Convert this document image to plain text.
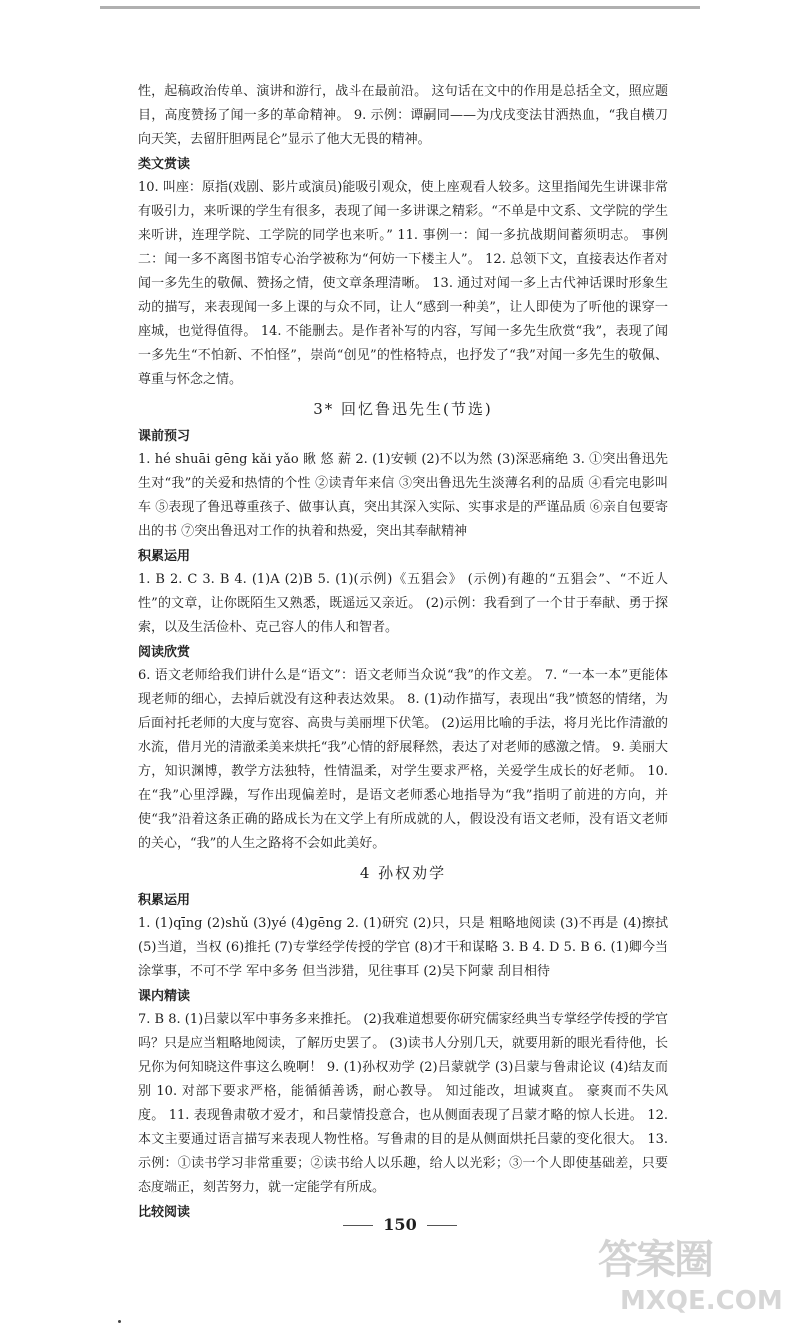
性，起稿政治传单、演讲和游行，战斗在最前沿。 这句话在文中的作用是总括全文，照应题目，高度赞扬了闻一多的革命精神。 9. 示例：谭嗣同——为戊戌变法甘洒热血，“我自横刀向天笑，去留肝胆两昆仑”显示了他大无畏的精神。

类文赏读

10. 叫座：原指(戏剧、影片或演员)能吸引观众，使上座观看人较多。这里指闻先生讲课非常有吸引力，来听课的学生有很多，表现了闻一多讲课之精彩。“不单是中文系、文学院的学生来听讲，连理学院、工学院的同学也来听。” 11. 事例一：闻一多抗战期间蓄须明志。 事例二：闻一多不离图书馆专心治学被称为“何妨一下楼主人”。 12. 总领下文，直接表达作者对闻一多先生的敬佩、赞扬之情，使文章条理清晰。 13. 通过对闻一多上古代神话课时形象生动的描写，来表现闻一多上课的与众不同，让人“感到一种美”，让人即使为了听他的课穿一座城，也觉得值得。 14. 不能删去。是作者补写的内容，写闻一多先生欣赏“我”，表现了闻一多先生“不怕新、不怕怪”，崇尚“创见”的性格特点，也抒发了“我”对闻一多先生的敬佩、尊重与怀念之情。

3* 回忆鲁迅先生(节选)

课前预习

1. hé shuāi gēng kǎi yǎo 瞅 悠 薪 2. (1)安顿 (2)不以为然 (3)深恶痛绝 3. ①突出鲁迅先生对“我”的关爱和热情的个性 ②读青年来信 ③突出鲁迅先生淡薄名利的品质 ④看完电影叫车 ⑤表现了鲁迅尊重孩子、做事认真，突出其深入实际、实事求是的严谨品质 ⑥亲自包要寄出的书 ⑦突出鲁迅对工作的执着和热爱，突出其奉献精神

积累运用

1. B 2. C 3. B 4. (1)A (2)B 5. (1)(示例)《五猖会》 (示例)有趣的“五猖会”、“不近人性”的文章，让你既陌生又熟悉，既遥远又亲近。 (2)示例：我看到了一个甘于奉献、勇于探索，以及生活俭朴、克己容人的伟人和智者。

阅读欣赏

6. 语文老师给我们讲什么是“语文”：语文老师当众说“我”的作文差。 7. “一本一本”更能体现老师的细心，去掉后就没有这种表达效果。 8. (1)动作描写，表现出“我”愤怒的情绪，为后面衬托老师的大度与宽容、高贵与美丽埋下伏笔。 (2)运用比喻的手法，将月光比作清澈的水流，借月光的清澈柔美来烘托“我”心情的舒展释然，表达了对老师的感激之情。 9. 美丽大方，知识渊博，教学方法独特，性情温柔，对学生要求严格，关爱学生成长的好老师。 10. 在“我”心里浮躁，写作出现偏差时，是语文老师悉心地指导为“我”指明了前进的方向，并使“我”沿着这条正确的路成长为在文学上有所成就的人，假设没有语文老师，没有语文老师的关心，“我”的人生之路将不会如此美好。

4 孙权劝学

积累运用

1. (1)qīng (2)shǔ (3)yé (4)gēng 2. (1)研究 (2)只，只是 粗略地阅读 (3)不再是 (4)擦拭 (5)当道，当权 (6)推托 (7)专掌经学传授的学官 (8)才干和谋略 3. B 4. D 5. B 6. (1)卿今当涂掌事，不可不学 军中多务 但当涉猎，见往事耳 (2)吴下阿蒙 刮目相待

课内精读

7. B 8. (1)吕蒙以军中事务多来推托。 (2)我难道想要你研究儒家经典当专掌经学传授的学官吗？只是应当粗略地阅读，了解历史罢了。 (3)读书人分别几天，就要用新的眼光看待他，长兄你为何知晓这件事这么晚啊！ 9. (1)孙权劝学 (2)吕蒙就学 (3)吕蒙与鲁肃论议 (4)结友而别 10. 对部下要求严格，能循循善诱，耐心教导。 知过能改，坦诚爽直。 豪爽而不失风度。 11. 表现鲁肃敬才爱才，和吕蒙情投意合，也从侧面表现了吕蒙才略的惊人长进。 12. 本文主要通过语言描写来表现人物性格。写鲁肃的目的是从侧面烘托吕蒙的变化很大。 13. 示例：①读书学习非常重要；②读书给人以乐趣，给人以光彩；③一个人即使基础差，只要态度端正，刻苦努力，就一定能学有所成。

比较阅读

150
答案圈
MXQE.COM
